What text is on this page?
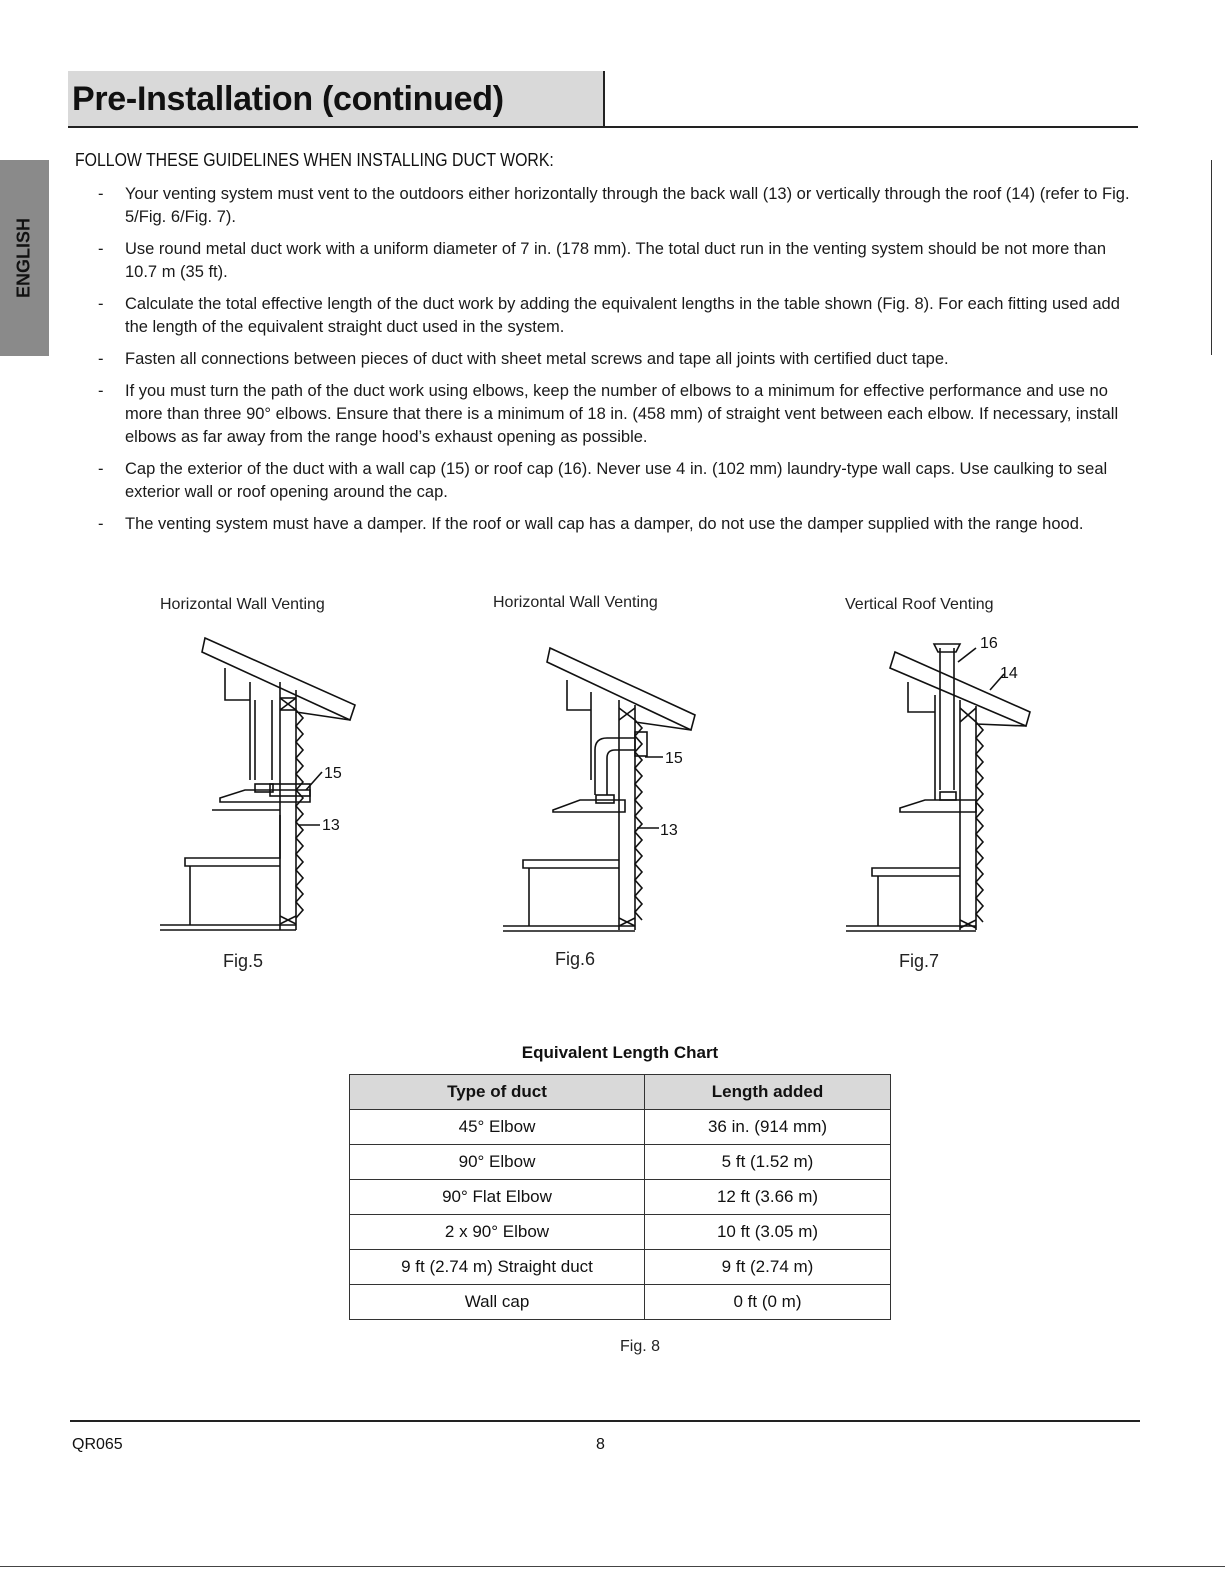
Pre-Installation (continued)
ENGLISH
FOLLOW THESE GUIDELINES WHEN INSTALLING DUCT WORK:
- Your venting system must vent to the outdoors either horizontally through the back wall (13) or vertically through the roof (14) (refer to Fig. 5/Fig. 6/Fig. 7).
- Use round metal duct work with a uniform diameter of 7 in. (178 mm). The total duct run in the venting system should be not more than 10.7 m (35 ft).
- Calculate the total effective length of the duct work by adding the equivalent lengths in the table shown (Fig. 8). For each fitting used add the length of the equivalent straight duct used in the system.
- Fasten all connections between pieces of duct with sheet metal screws and tape all joints with certified duct tape.
- If you must turn the path of the duct work using elbows, keep the number of elbows to a minimum for effective performance and use no more than three 90° elbows. Ensure that there is a minimum of 18 in. (458 mm) of straight vent between each elbow. If necessary, install elbows as far away from the range hood’s exhaust opening as possible.
- Cap the exterior of the duct with a wall cap (15) or roof cap (16). Never use 4 in. (102 mm) laundry-type wall caps. Use caulking to seal exterior wall or roof opening around the cap.
- The venting system must have a damper. If the roof or wall cap has a damper, do not use the damper supplied with the range hood.
Horizontal Wall Venting	Horizontal Wall Venting	Vertical Roof Venting
15
13
15
13
16
14
Fig.5	Fig.6	Fig.7
Equivalent Length Chart
Type of duct	Length added
45° Elbow	36 in. (914 mm)
90° Elbow	5 ft (1.52 m)
90° Flat Elbow	12 ft (3.66 m)
2 x 90° Elbow	10 ft (3.05 m)
9 ft (2.74 m) Straight duct	9 ft (2.74 m)
Wall cap	0 ft (0 m)
Fig. 8
QR065	8
